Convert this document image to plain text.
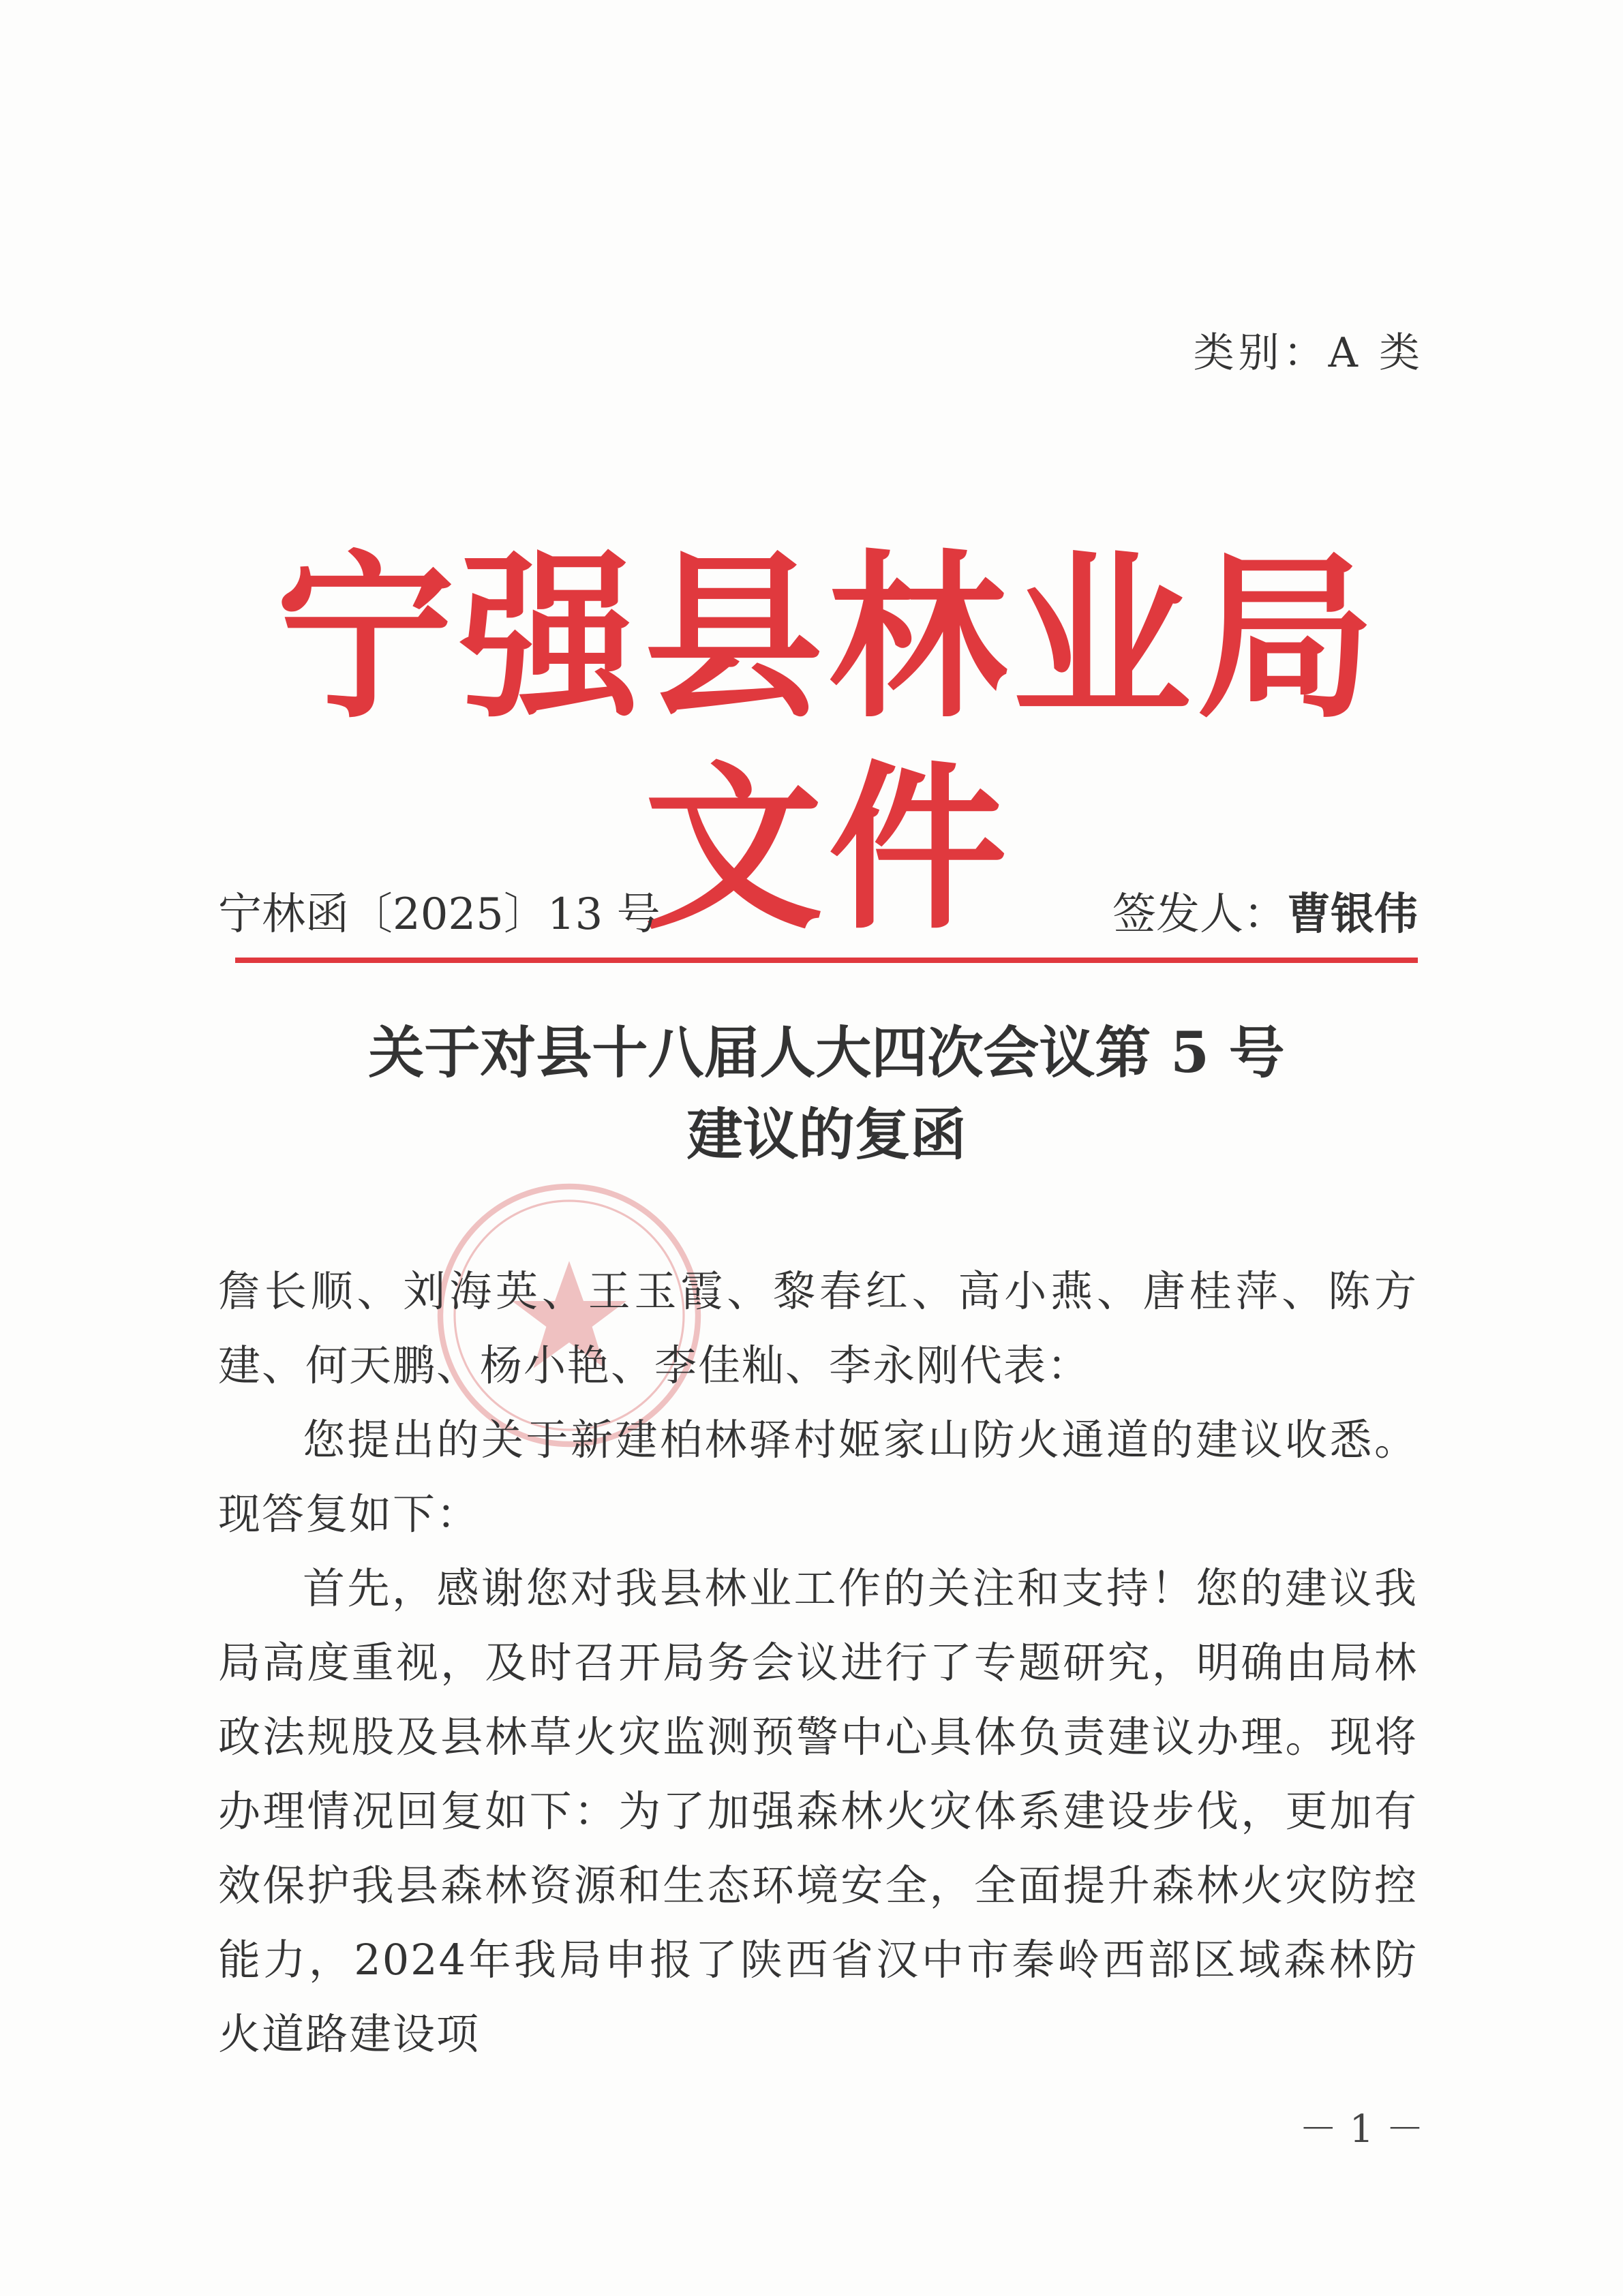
类别：A 类
宁强县林业局文件
宁林函〔2025〕13 号	签发人：曹银伟
关于对县十八届人大四次会议第 5 号
建议的复函

詹长顺、刘海英、王玉霞、黎春红、高小燕、唐桂萍、陈方建、何天鹏、杨小艳、李佳籼、李永刚代表：

您提出的关于新建柏林驿村姬家山防火通道的建议收悉。现答复如下：

首先，感谢您对我县林业工作的关注和支持！您的建议我局高度重视，及时召开局务会议进行了专题研究，明确由局林政法规股及县林草火灾监测预警中心具体负责建议办理。现将办理情况回复如下：为了加强森林火灾体系建设步伐，更加有效保护我县森林资源和生态环境安全，全面提升森林火灾防控能力，2024年我局申报了陕西省汉中市秦岭西部区域森林防火道路建设项

－ 1 －
